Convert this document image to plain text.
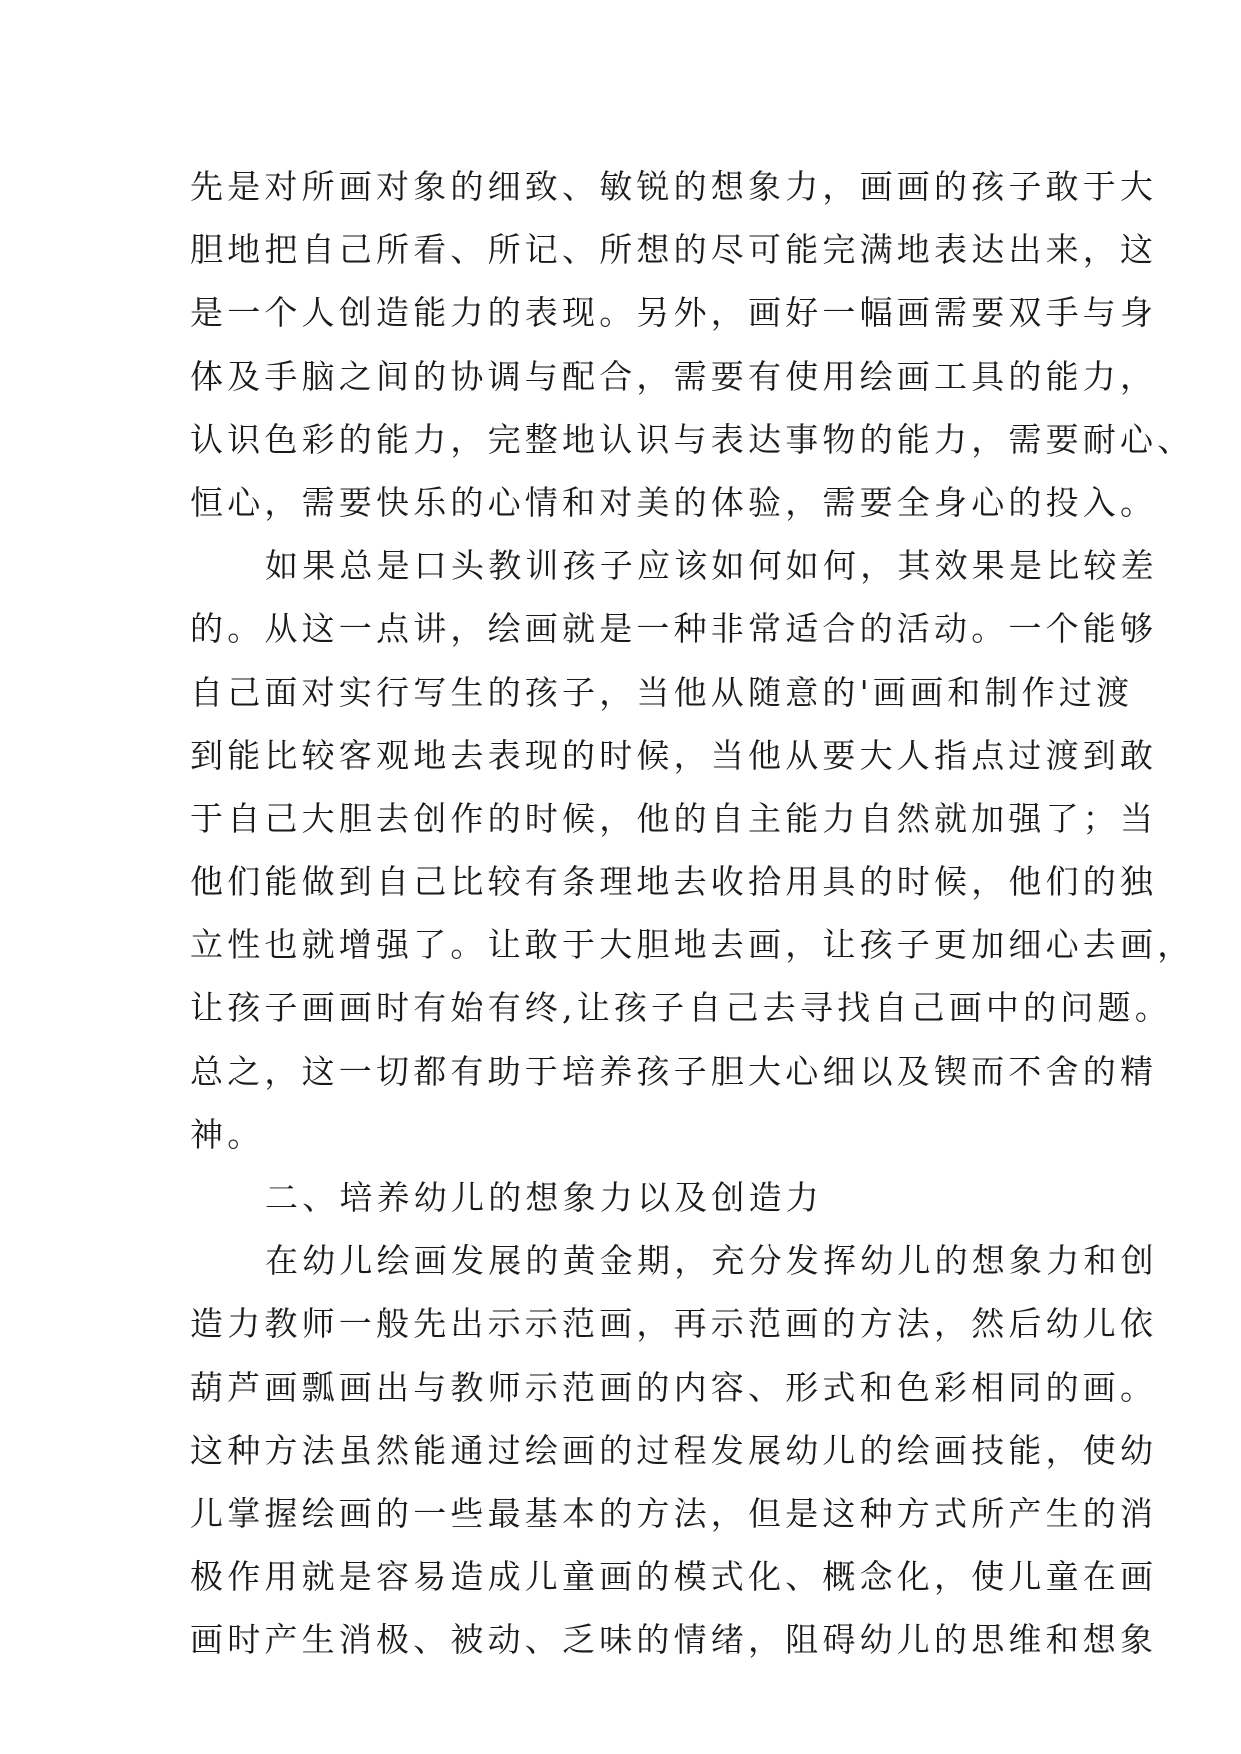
先是对所画对象的细致、敏锐的想象力，画画的孩子敢于大
胆地把自己所看、所记、所想的尽可能完满地表达出来，这
是一个人创造能力的表现。另外，画好一幅画需要双手与身
体及手脑之间的协调与配合，需要有使用绘画工具的能力，
认识色彩的能力，完整地认识与表达事物的能力，需要耐心、
恒心，需要快乐的心情和对美的体验，需要全身心的投入。
如果总是口头教训孩子应该如何如何，其效果是比较差
的。从这一点讲，绘画就是一种非常适合的活动。一个能够
自己面对实行写生的孩子，当他从随意的'画画和制作过渡
到能比较客观地去表现的时候，当他从要大人指点过渡到敢
于自己大胆去创作的时候，他的自主能力自然就加强了；当
他们能做到自己比较有条理地去收拾用具的时候，他们的独
立性也就增强了。让敢于大胆地去画，让孩子更加细心去画，
让孩子画画时有始有终,让孩子自己去寻找自己画中的问题。
总之，这一切都有助于培养孩子胆大心细以及锲而不舍的精
神。
二、培养幼儿的想象力以及创造力
在幼儿绘画发展的黄金期，充分发挥幼儿的想象力和创
造力教师一般先出示示范画，再示范画的方法，然后幼儿依
葫芦画瓢画出与教师示范画的内容、形式和色彩相同的画。
这种方法虽然能通过绘画的过程发展幼儿的绘画技能，使幼
儿掌握绘画的一些最基本的方法，但是这种方式所产生的消
极作用就是容易造成儿童画的模式化、概念化，使儿童在画
画时产生消极、被动、乏味的情绪，阻碍幼儿的思维和想象
